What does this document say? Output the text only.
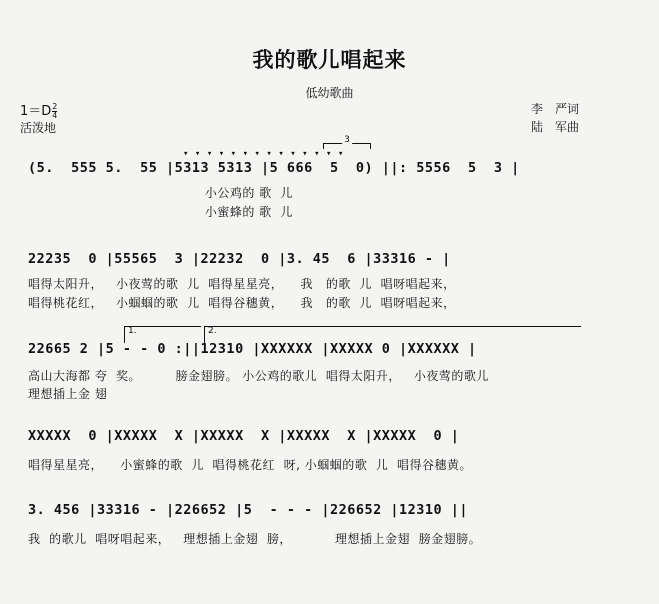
我的歌儿唱起来
低幼歌曲
$1=D \frac{2}{4}$
活泼地
李　严词
陆　军曲
▾▾▾▾▾▾▾▾▾▾▾▾▾▾
3
(5.  555 5.  55 |5313 5313 |5 666  5  0) ||: 5556  5  3 |
小公鸡的 歌  儿
小蜜蜂的 歌  儿
22235  0 |55565  3 |22232  0 |3. 45  6 |33316 - |
唱得太阳升，   小夜莺的歌  儿  唱得星星亮，    我   的歌  儿  唱呀唱起来，
唱得桃花红，   小蝈蝈的歌  儿  唱得谷穗黄，    我   的歌  儿  唱呀唱起来，
1.	2.
22665 2 |5 - - 0 :||12310 |XXXXXX |XXXXX 0 |XXXXXX |
高山大海都 夸  奖。        膀金翅膀。 小公鸡的歌儿  唱得太阳升，   小夜莺的歌儿
理想插上金 翅
XXXXX  0 |XXXXX  X |XXXXX  X |XXXXX  X |XXXXX  0 |
唱得星星亮，    小蜜蜂的歌  儿  唱得桃花红  呀, 小蝈蝈的歌  儿  唱得谷穗黄。
3. 456 |33316 - |226652 |5  - - - |226652 |12310 ||
我  的歌儿  唱呀唱起来，   理想插上金翅  膀，          理想插上金翅  膀金翅膀。
